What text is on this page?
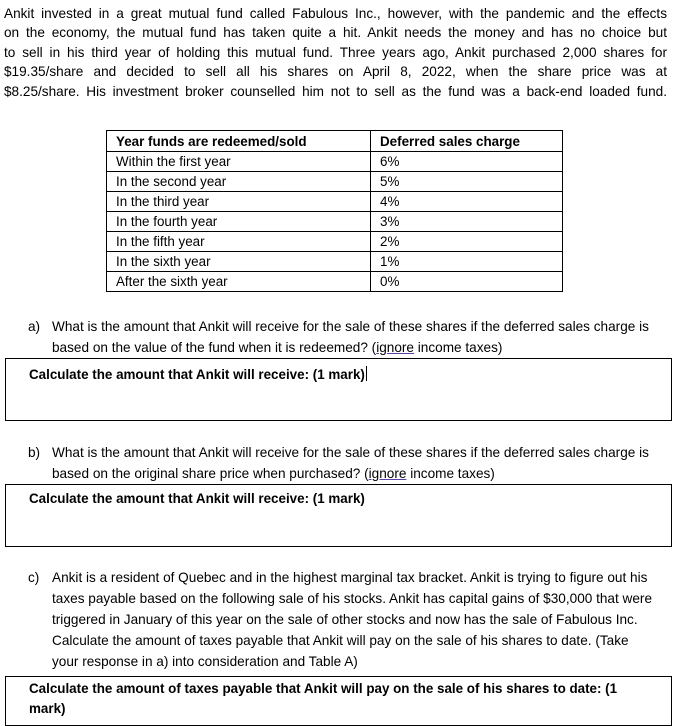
Ankit invested in a great mutual fund called Fabulous Inc., however, with the pandemic and the effects
on the economy, the mutual fund has taken quite a hit. Ankit needs the money and has no choice but
to sell in his third year of holding this mutual fund. Three years ago, Ankit purchased 2,000 shares for
$19.35/share and decided to sell all his shares on April 8, 2022, when the share price was at
$8.25/share. His investment broker counselled him not to sell as the fund was a back-end loaded fund.
Year funds are redeemed/sold	Deferred sales charge
Within the first year	6%
In the second year	5%
In the third year	4%
In the fourth year	3%
In the fifth year	2%
In the sixth year	1%
After the sixth year	0%
a) What is the amount that Ankit will receive for the sale of these shares if the deferred sales charge is based on the value of the fund when it is redeemed? (ignore income taxes)
Calculate the amount that Ankit will receive: (1 mark)
b) What is the amount that Ankit will receive for the sale of these shares if the deferred sales charge is based on the original share price when purchased? (ignore income taxes)
Calculate the amount that Ankit will receive: (1 mark)
c) Ankit is a resident of Quebec and in the highest marginal tax bracket. Ankit is trying to figure out his taxes payable based on the following sale of his stocks. Ankit has capital gains of $30,000 that were triggered in January of this year on the sale of other stocks and now has the sale of Fabulous Inc. Calculate the amount of taxes payable that Ankit will pay on the sale of his shares to date. (Take your response in a) into consideration and Table A)
Calculate the amount of taxes payable that Ankit will pay on the sale of his shares to date: (1 mark)
